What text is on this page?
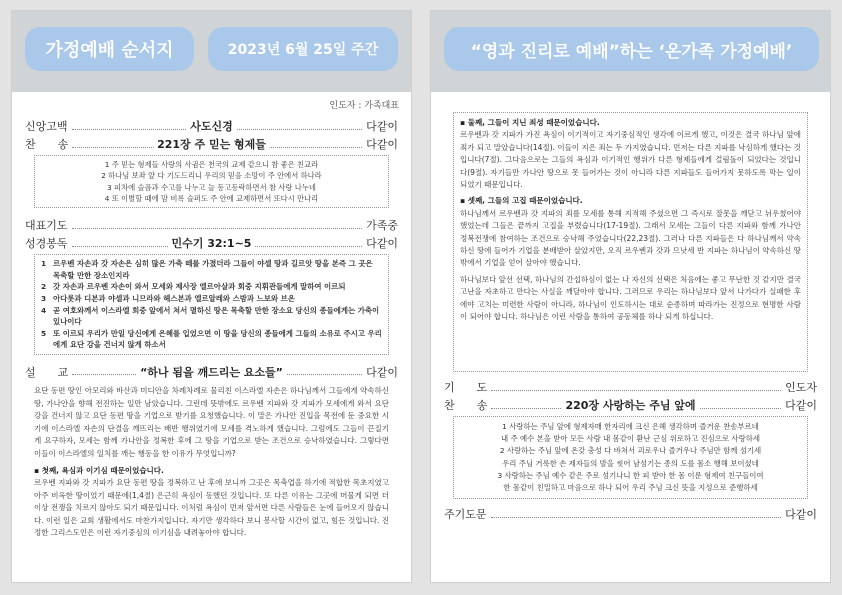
가정예배 순서지	2023년 6월 25일 주간
인도자 : 가족대표
신앙고백	사도신경	다같이
찬　　송	221장 주 믿는 형제들	다같이
1 주 믿는 형제들 사랑의 사귐은 천국의 교제 같으니 참 좋은 친교라
2 하나님 보좌 앞 다 기도드리니 우리의 믿음 소망이 주 안에서 하나라
3 피차에 슬픔과 수고를 나누고 늘 동고동락하면서 참 사랑 나누네
4 또 이별할 때에 맘 비록 슬퍼도 주 안에 교제하면서 또다시 만나리
대표기도	가족중
성경봉독	민수기 32:1~5	다같이
1 르우벤 자손과 갓 자손은 심히 많은 가축 떼를 가졌더라 그들이 야셀 땅과 길르앗 땅을 본즉 그 곳은 목축할 만한 장소인지라
2 갓 자손과 르우벤 자손이 와서 모세와 제사장 엘르아살과 회중 지휘관들에게 말하여 이르되
3 아다롯과 디본과 야셀과 니므라와 헤스본과 엘르알레와 스밤과 느보와 브온
4 곧 여호와께서 이스라엘 회중 앞에서 쳐서 멸하신 땅은 목축할 만한 장소요 당신의 종들에게는 가축이 있나이다
5 또 이르되 우리가 만일 당신에게 은혜를 입었으면 이 땅을 당신의 종들에게 그들의 소유로 주시고 우리에게 요단 강을 건너지 않게 하소서
설　　교	“하나 됨을 깨드리는 요소들”	다같이

요단 동편 땅인 아모리와 바산과 미디안을 차례차례로 물리친 이스라엘 자손은 하나님께서 그들에게 약속하신 땅, 가나안을 향해 전진하는 일만 남았습니다. 그런데 뜻밖에도 르우벤 지파와 갓 지파가 모세에게 와서 요단강을 건너지 않고 요단 동편 땅을 기업으로 받기를 요청했습니다. 이 말은 가나안 진입을 목전에 둔 중요한 시기에 이스라엘 자손의 단결을 깨뜨리는 배반 행위였기에 모세를 격노하게 했습니다. 그럼에도 그들이 끈질기게 요구하자, 모세는 함께 가나안을 정복한 후에 그 땅을 기업으로 받는 조건으로 승낙하였습니다. 그렇다면 이들이 이스라엘의 일치를 깨는 행동을 한 이유가 무엇입니까?

▪ 첫째, 욕심과 이기심 때문이었습니다.

르우벤 지파와 갓 지파가 요단 동편 땅을 정복하고 난 후에 보니까 그곳은 목축업을 하기에 적합한 목초지였고 아주 비옥한 땅이었기 때문에(1,4절) 은근히 욕심이 동했던 것입니다. 또 다른 이유는 그곳에 머물게 되면 더 이상 전쟁을 치르지 않아도 되기 때문입니다. 이처럼 욕심이 먼저 앞서면 다른 사람들은 눈에 들어오지 않습니다. 이런 일은 교회 생활에서도 마찬가지입니다. 자기만 생각하다 보니 봉사할 시간이 없고, 힘든 것입니다. 진정한 그리스도인은 이런 자기중심의 이기심을 내려놓아야 합니다.

“영과 진리로 예배”하는 ‘온가족 가정예배’
▪ 둘째, 그들이 지닌 죄성 때문이었습니다.

르우벤과 갓 지파가 가진 욕심이 이기적이고 자기중심적인 생각에 이르게 했고, 이것은 결국 하나님 앞에 죄가 되고 말았습니다(14절). 이들이 지은 죄는 두 가지였습니다. 먼저는 다른 지파를 낙심하게 했다는 것입니다(7절). 그다음으로는 그들의 욕심과 이기적인 행위가 다른 형제들에게 걸림돌이 되었다는 것입니다(9절). 자기들만 가나안 땅으로 못 들어가는 것이 아니라 다른 지파들도 들어가지 못하도록 막는 일이 되었기 때문입니다.

▪ 셋째, 그들의 고집 때문이었습니다.

하나님께서 르우벤과 갓 지파의 죄를 모세를 통해 지적해 주셨으면 그 즉시로 잘못을 깨닫고 뉘우쳤어야 했었는데 그들은 끝까지 고집을 부렸습니다(17-19절). 그래서 모세는 그들이 다른 지파와 함께 가나안 정복전쟁에 참여하는 조건으로 승낙해 주었습니다(22,23절). 그러나 다른 지파들은 다 하나님께서 약속하신 땅에 들어가 기업을 분배받아 살았지만, 오직 르우벤과 갓과 므낫세 반 지파는 하나님이 약속하신 땅 밖에서 기업을 얻어 살아야 했습니다.

하나님보다 앞선 선택, 하나님의 간섭하심이 없는 나 자신의 선택은 처음에는 좋고 무난한 것 같지만 결국 고난을 자초하고 만다는 사실을 깨달아야 합니다. 그러므로 우리는 하나님보다 앞서 나가다가 실패한 후에야 고치는 미련한 사람이 아니라, 하나님이 인도하시는 대로 순종하며 따라가는 진정으로 현명한 사람이 되어야 합니다. 하나님은 이런 사람을 통하여 공동체를 하나 되게 하십니다.

기　　도	인도자
찬　　송	220장 사랑하는 주님 앞에	다같이
1 사랑하는 주님 앞에 형제자매 한자리에 크신 은혜 생각하며 즐거운 찬송부르네
내 주 예수 본을 받아 모든 사람 내 몸같이 환난 근심 위로하고 진심으로 사랑하세
2 사랑하는 주님 앞에 온갖 충성 다 바쳐서 괴로우나 즐거우나 주님만 함께 섬기세
우리 주님 거룩한 손 제자들의 발을 씻어 남섬기는 종의 도를 몸소 행해 보이셨네
3 사랑하는 주님 예수 같은 주로 섬기나니 한 피 받아 한 몸 이룬 형제여 친구들이여
한 몸같이 친밀하고 마음으로 하나 되어 우리 주님 크신 뜻을 지성으로 준행하세
주기도문	다같이
